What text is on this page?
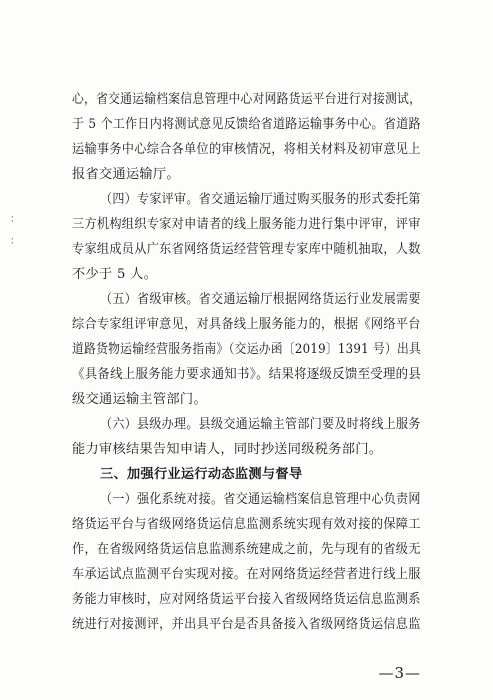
：
：
心，省交通运输档案信息管理中心对网路货运平台进行对接测试，
于 5 个工作日内将测试意见反馈给省道路运输事务中心。省道路
运输事务中心综合各单位的审核情况，将相关材料及初审意见上
报省交通运输厅。
（四）专家评审。省交通运输厅通过购买服务的形式委托第
三方机构组织专家对申请者的线上服务能力进行集中评审，评审
专家组成员从广东省网络货运经营管理专家库中随机抽取，人数
不少于 5 人。
（五）省级审核。省交通运输厅根据网络货运行业发展需要
综合专家组评审意见，对具备线上服务能力的，根据《网络平台
道路货物运输经营服务指南》（交运办函〔2019〕1391 号）出具
《具备线上服务能力要求通知书》。结果将逐级反馈至受理的县
级交通运输主管部门。
（六）县级办理。县级交通运输主管部门要及时将线上服务
能力审核结果告知申请人，同时抄送同级税务部门。
三、加强行业运行动态监测与督导
（一）强化系统对接。省交通运输档案信息管理中心负责网
络货运平台与省级网络货运信息监测系统实现有效对接的保障工
作，在省级网络货运信息监测系统建成之前，先与现有的省级无
车承运试点监测平台实现对接。在对网络货运经营者进行线上服
务能力审核时，应对网络货运平台接入省级网络货运信息监测系
统进行对接测评，并出具平台是否具备接入省级网络货运信息监
—3—
